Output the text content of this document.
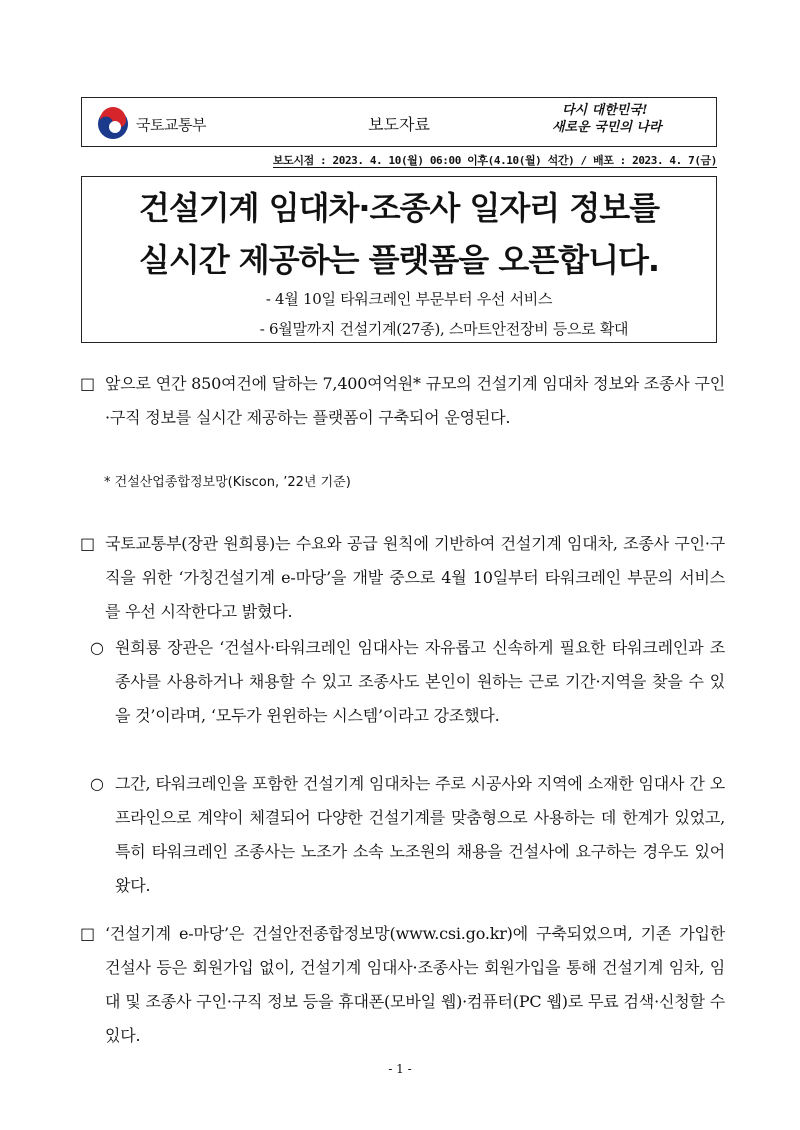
국토교통부	보도자료
다시 대한민국!
새로운 국민의 나라
보도시점 : 2023. 4. 10(월) 06:00 이후(4.10(월) 석간) / 배포 : 2023. 4. 7(금)
건설기계 임대차·조종사 일자리 정보를
실시간 제공하는 플랫폼을 오픈합니다.
- 4월 10일 타워크레인 부문부터 우선 서비스
- 6월말까지 건설기계(27종), 스마트안전장비 등으로 확대
□ 앞으로 연간 850여건에 달하는 7,400여억원* 규모의 건설기계 임대차 정보와 조종사 구인·구직 정보를 실시간 제공하는 플랫폼이 구축되어 운영된다.
* 건설산업종합정보망(Kiscon, ’22년 기준)
□ 국토교통부(장관 원희룡)는 수요와 공급 원칙에 기반하여 건설기계 임대차, 조종사 구인·구직을 위한 ‘가칭건설기계 e-마당’을 개발 중으로 4월 10일부터 타워크레인 부문의 서비스를 우선 시작한다고 밝혔다.
○ 원희룡 장관은 ‘건설사·타워크레인 임대사는 자유롭고 신속하게 필요한 타워크레인과 조종사를 사용하거나 채용할 수 있고 조종사도 본인이 원하는 근로 기간·지역을 찾을 수 있을 것’이라며, ‘모두가 윈윈하는 시스템’이라고 강조했다.
○ 그간, 타워크레인을 포함한 건설기계 임대차는 주로 시공사와 지역에 소재한 임대사 간 오프라인으로 계약이 체결되어 다양한 건설기계를 맞춤형으로 사용하는 데 한계가 있었고, 특히 타워크레인 조종사는 노조가 소속 노조원의 채용을 건설사에 요구하는 경우도 있어왔다.
□ ‘건설기계 e-마당’은 건설안전종합정보망(www.csi.go.kr)에 구축되었으며, 기존 가입한 건설사 등은 회원가입 없이, 건설기계 임대사·조종사는 회원가입을 통해 건설기계 임차, 임대 및 조종사 구인·구직 정보 등을 휴대폰(모바일 웹)·컴퓨터(PC 웹)로 무료 검색·신청할 수 있다.
- 1 -
